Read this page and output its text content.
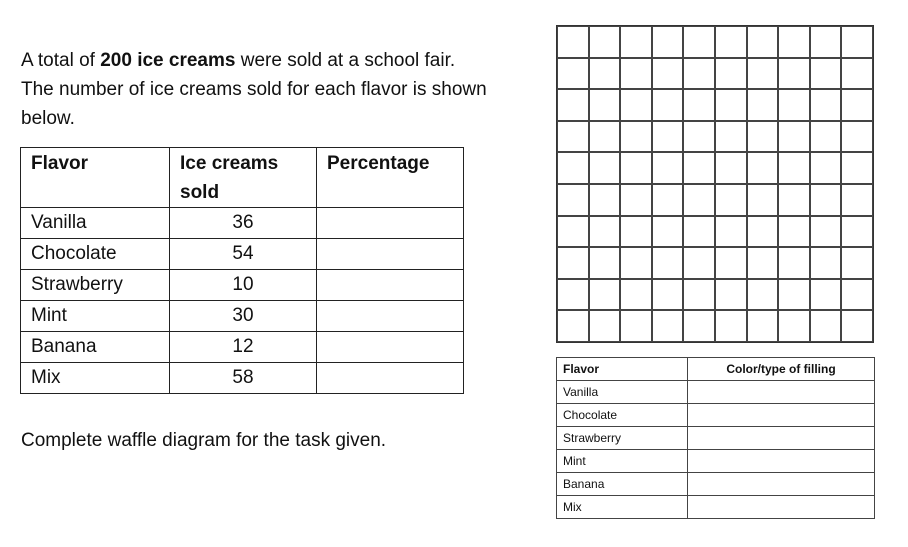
A total of 200 ice creams were sold at a school fair.
The number of ice creams sold for each flavor is shown below.

Flavor	Ice creams sold	Percentage
Vanilla	36	
Chocolate	54	
Strawberry	10	
Mint	30	
Banana	12	
Mix	58	

Complete waffle diagram for the task given.

Flavor	Color/type of filling
Vanilla	
Chocolate	
Strawberry	
Mint	
Banana	
Mix	
